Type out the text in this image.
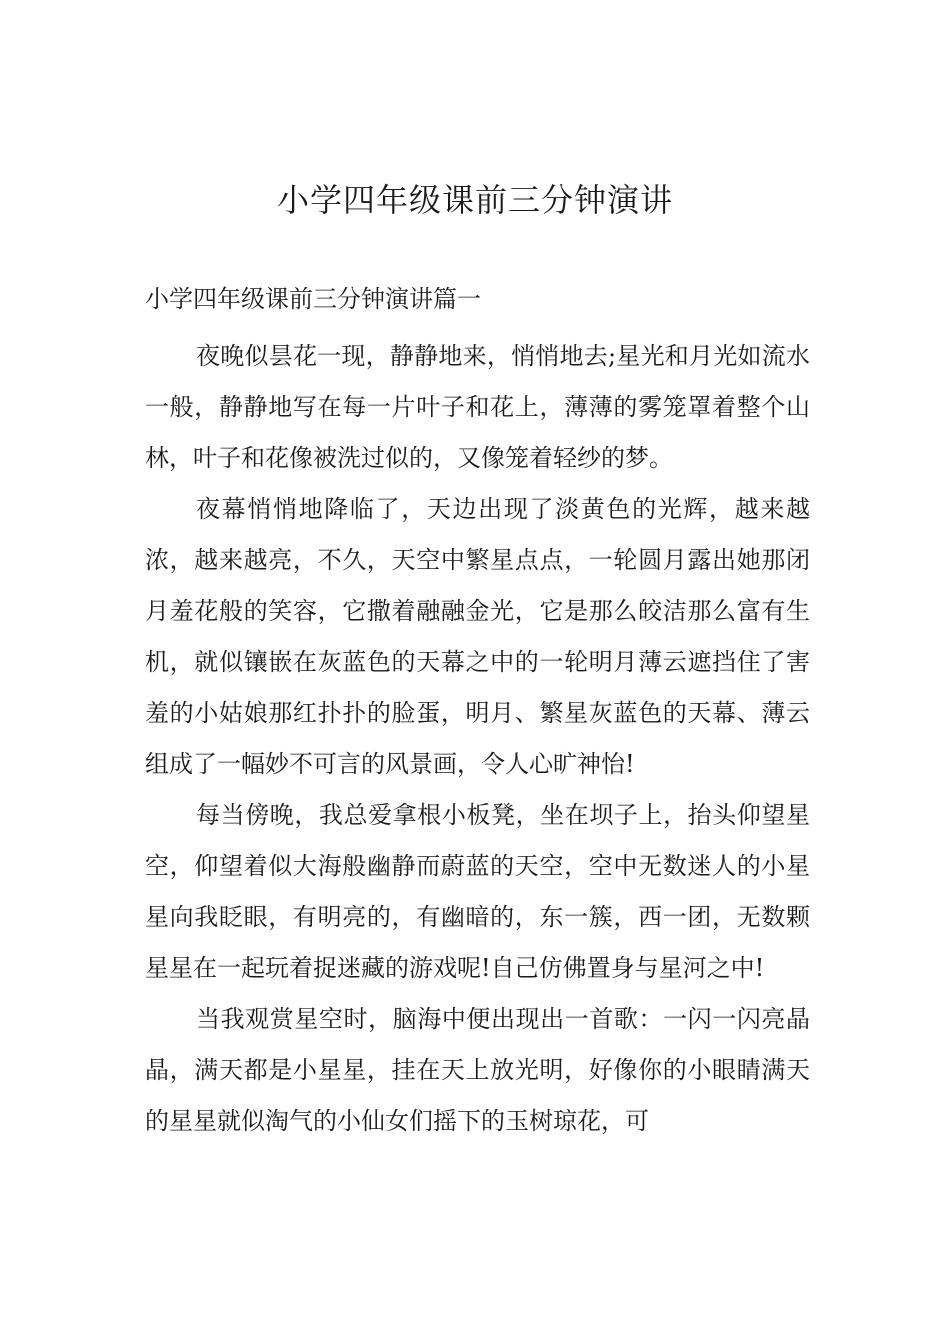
小学四年级课前三分钟演讲
小学四年级课前三分钟演讲篇一

夜晚似昙花一现，静静地来，悄悄地去;星光和月光如流水一般，静静地写在每一片叶子和花上，薄薄的雾笼罩着整个山林，叶子和花像被洗过似的，又像笼着轻纱的梦。

夜幕悄悄地降临了，天边出现了淡黄色的光辉，越来越浓，越来越亮，不久，天空中繁星点点，一轮圆月露出她那闭月羞花般的笑容，它撒着融融金光，它是那么皎洁那么富有生机，就似镶嵌在灰蓝色的天幕之中的一轮明月薄云遮挡住了害羞的小姑娘那红扑扑的脸蛋，明月、繁星灰蓝色的天幕、薄云组成了一幅妙不可言的风景画，令人心旷神怡!

每当傍晚，我总爱拿根小板凳，坐在坝子上，抬头仰望星空，仰望着似大海般幽静而蔚蓝的天空，空中无数迷人的小星星向我眨眼，有明亮的，有幽暗的，东一簇，西一团，无数颗星星在一起玩着捉迷藏的游戏呢!自己仿佛置身与星河之中!

当我观赏星空时，脑海中便出现出一首歌：一闪一闪亮晶晶，满天都是小星星，挂在天上放光明，好像你的小眼睛满天的星星就似淘气的小仙女们摇下的玉树琼花，可
